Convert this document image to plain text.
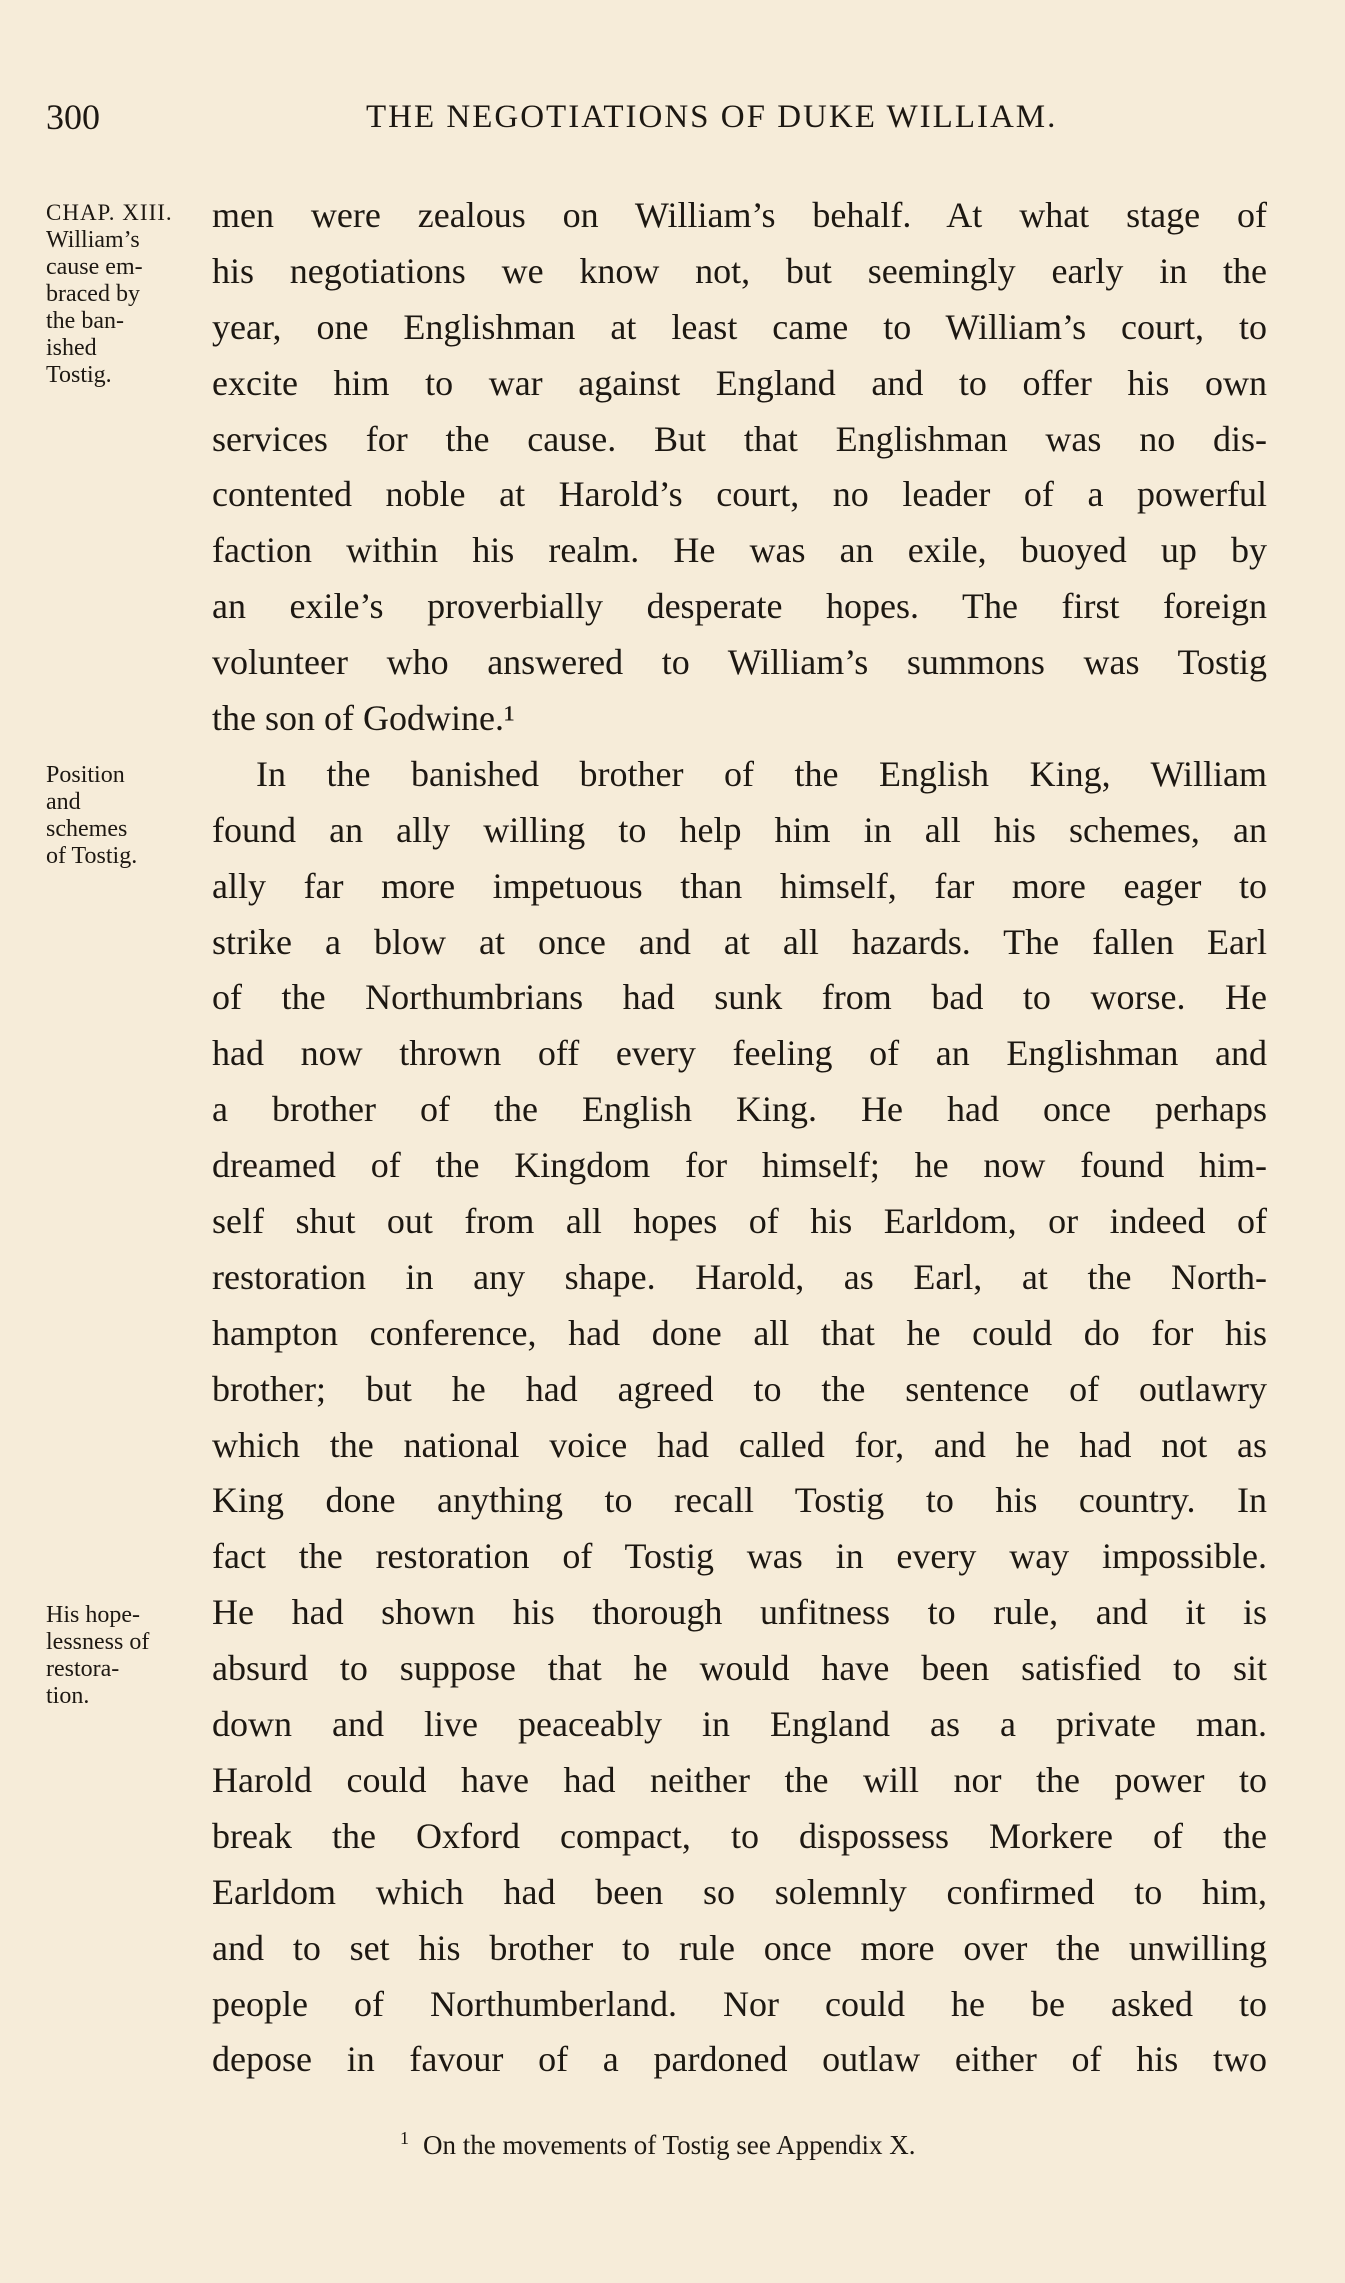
300	THE NEGOTIATIONS OF DUKE WILLIAM.
CHAP. XIII.
William’s
cause em-
braced by
the ban-
ished
Tostig.
Position
and
schemes
of Tostig.
His hope-
lessness of
restora-
tion.
men were zealous on William’s behalf. At what stage of
his negotiations we know not, but seemingly early in the
year, one Englishman at least came to William’s court, to
excite him to war against England and to offer his own
services for the cause. But that Englishman was no dis-
contented noble at Harold’s court, no leader of a powerful
faction within his realm. He was an exile, buoyed up by
an exile’s proverbially desperate hopes. The first foreign
volunteer who answered to William’s summons was Tostig
the son of Godwine.¹
In the banished brother of the English King, William
found an ally willing to help him in all his schemes, an
ally far more impetuous than himself, far more eager to
strike a blow at once and at all hazards. The fallen Earl
of the Northumbrians had sunk from bad to worse. He
had now thrown off every feeling of an Englishman and
a brother of the English King. He had once perhaps
dreamed of the Kingdom for himself; he now found him-
self shut out from all hopes of his Earldom, or indeed of
restoration in any shape. Harold, as Earl, at the North-
hampton conference, had done all that he could do for his
brother; but he had agreed to the sentence of outlawry
which the national voice had called for, and he had not as
King done anything to recall Tostig to his country. In
fact the restoration of Tostig was in every way impossible.
He had shown his thorough unfitness to rule, and it is
absurd to suppose that he would have been satisfied to sit
down and live peaceably in England as a private man.
Harold could have had neither the will nor the power to
break the Oxford compact, to dispossess Morkere of the
Earldom which had been so solemnly confirmed to him,
and to set his brother to rule once more over the unwilling
people of Northumberland. Nor could he be asked to
depose in favour of a pardoned outlaw either of his two
$^1$ On the movements of Tostig see Appendix X.
